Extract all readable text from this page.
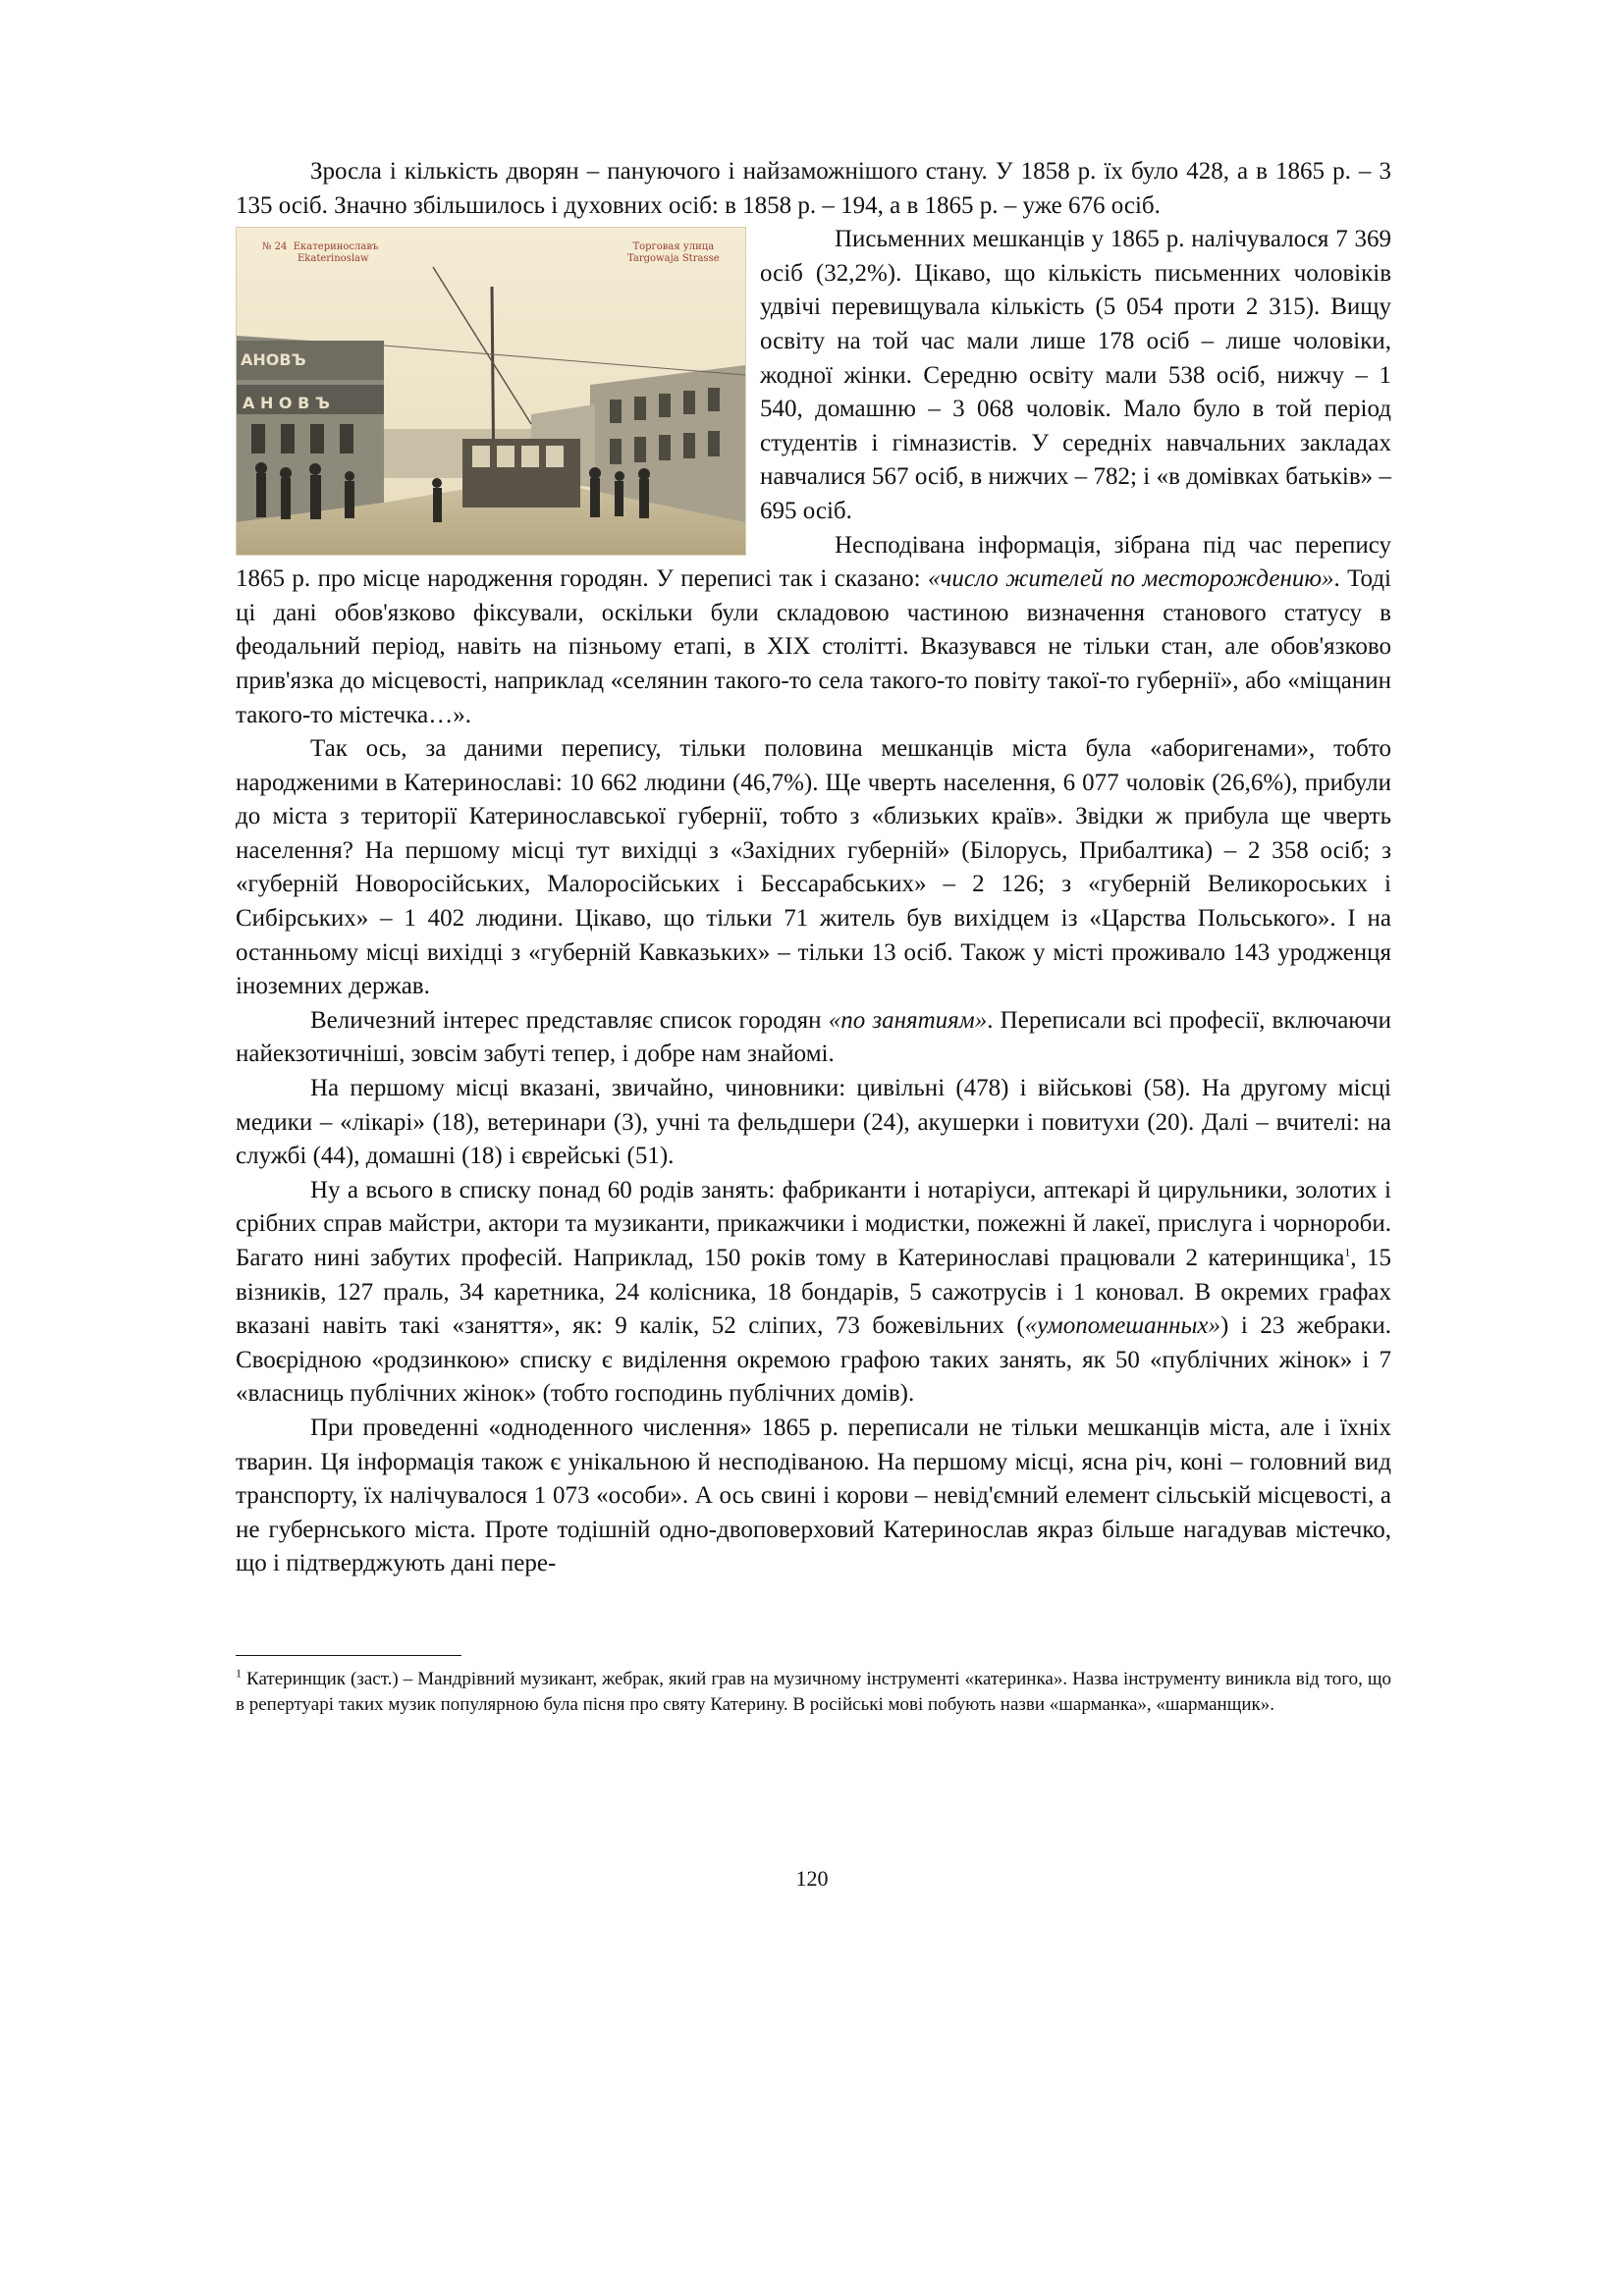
Зросла і кількість дворян – пануючого і найзаможнішого стану. У 1858 р. їх було 428, а в 1865 р. – 3 135 осіб. Значно збільшилось і духовних осіб: в 1858 р. – 194, а в 1865 р. – уже 676 осіб.

АНОВЪ
А Н О В Ъ
№ 24 Екатеринославъ
Ekaterinoslaw
Торговая улица
Targowaja Strasse

Письменних мешканців у 1865 р. налічувалося 7 369 осіб (32,2%). Цікаво, що кількість письменних чоловіків удвічі перевищувала кількість (5 054 проти 2 315). Вищу освіту на той час мали лише 178 осіб – лише чоловіки, жодної жінки. Середню освіту мали 538 осіб, нижчу – 1 540, домашню – 3 068 чоловік. Мало було в той період студентів і гімназистів. У середніх навчальних закладах навчалися 567 осіб, в нижчих – 782; і «в домівках батьків» – 695 осіб.

Несподівана інформація, зібрана під час перепису 1865 р. про місце народження городян. У переписі так і сказано: «число жителей по месторождению». Тоді ці дані обов'язково фіксували, оскільки були складовою частиною визначення станового статусу в феодальний період, навіть на пізньому етапі, в XIX столітті. Вказувався не тільки стан, але обов'язково прив'язка до місцевості, наприклад «селянин такого-то села такого-то повіту такої-то губернії», або «міщанин такого-то містечка…».

Так ось, за даними перепису, тільки половина мешканців міста була «аборигенами», тобто народженими в Катеринославі: 10 662 людини (46,7%). Ще чверть населення, 6 077 чоловік (26,6%), прибули до міста з території Катеринославської губернії, тобто з «близьких країв». Звідки ж прибула ще чверть населення? На першому місці тут вихідці з «Західних губерній» (Білорусь, Прибалтика) – 2 358 осіб; з «губерній Новоросійських, Малоросійських і Бессарабських» – 2 126; з «губерній Великороських і Сибірських» – 1 402 людини. Цікаво, що тільки 71 житель був вихідцем із «Царства Польського». І на останньому місці вихідці з «губерній Кавказьких» – тільки 13 осіб. Також у місті проживало 143 уродженця іноземних держав.

Величезний інтерес представляє список городян «по занятиям». Переписали всі професії, включаючи найекзотичніші, зовсім забуті тепер, і добре нам знайомі.

На першому місці вказані, звичайно, чиновники: цивільні (478) і військові (58). На другому місці медики – «лікарі» (18), ветеринари (3), учні та фельдшери (24), акушерки і повитухи (20). Далі – вчителі: на службі (44), домашні (18) і єврейські (51).

Ну а всього в списку понад 60 родів занять: фабриканти і нотаріуси, аптекарі й цирульники, золотих і срібних справ майстри, актори та музиканти, прикажчики і модистки, пожежні й лакеї, прислуга і чорнороби. Багато нині забутих професій. Наприклад, 150 років тому в Катеринославі працювали 2 катеринщика$^1$, 15 візників, 127 праль, 34 каретника, 24 колісника, 18 бондарів, 5 сажотрусів і 1 коновал. В окремих графах вказані навіть такі «заняття», як: 9 калік, 52 сліпих, 73 божевільних («умопомешанных») і 23 жебраки. Своєрідною «родзинкою» списку є виділення окремою графою таких занять, як 50 «публічних жінок» і 7 «власниць публічних жінок» (тобто господинь публічних домів).

При проведенні «одноденного числення» 1865 р. переписали не тільки мешканців міста, але і їхніх тварин. Ця інформація також є унікальною й несподіваною. На першому місці, ясна річ, коні – головний вид транспорту, їх налічувалося 1 073 «особи». А ось свині і корови – невід'ємний елемент сільській місцевості, а не губернського міста. Проте тодішній одно-двоповерховий Катеринослав якраз більше нагадував містечко, що і підтверджують дані пере-

$^1$ Катеринщик (заст.) – Мандрівний музикант, жебрак, який грав на музичному інструменті «катеринка». Назва інструменту виникла від того, що в репертуарі таких музик популярною була пісня про святу Катерину. В російські мові побують назви «шарманка», «шарманщик».
120
